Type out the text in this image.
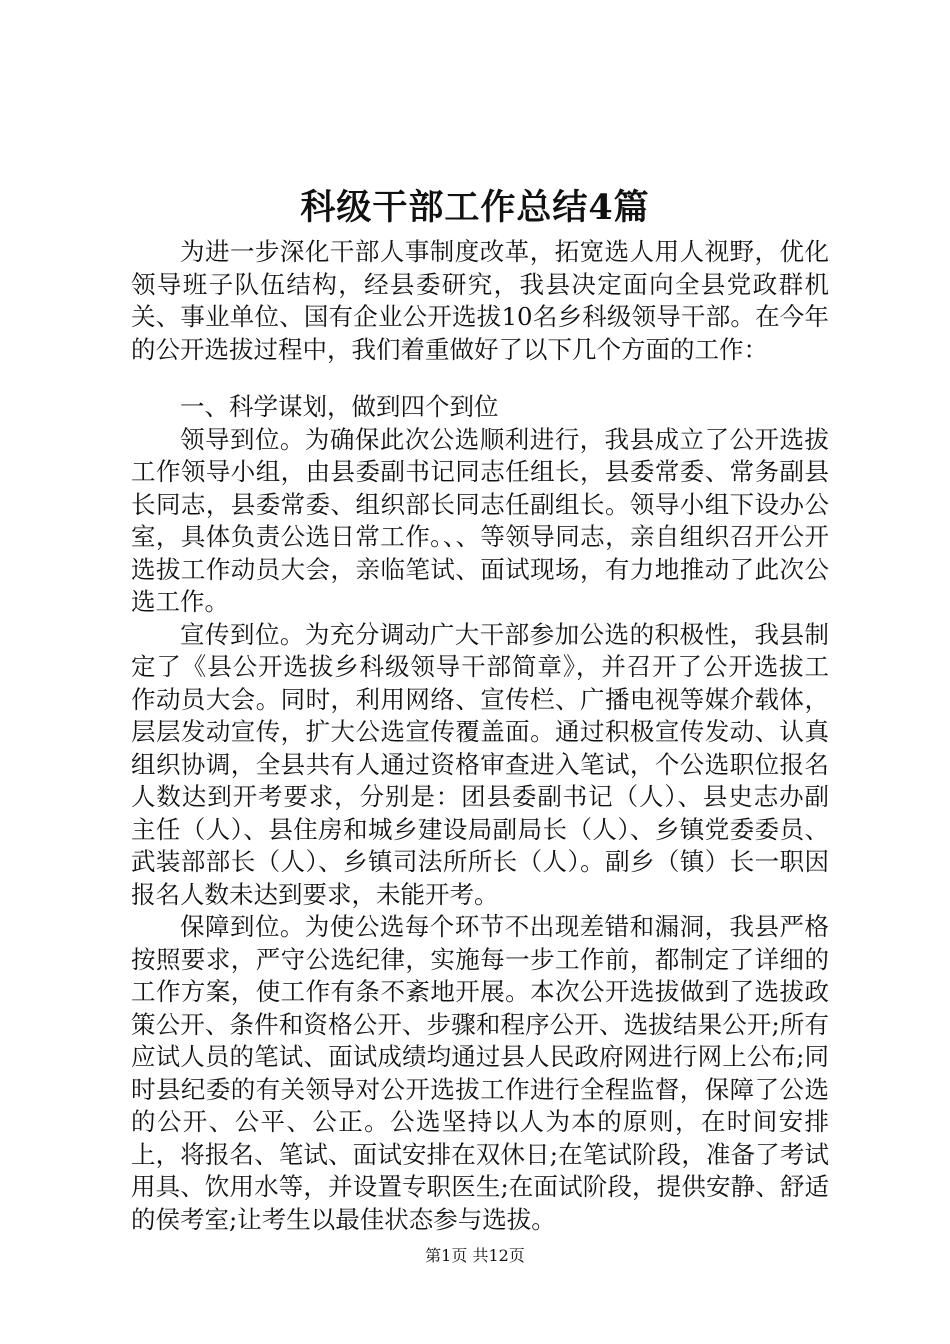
科级干部工作总结4篇

为进一步深化干部人事制度改革，拓宽选人用人视野，优化领导班子队伍结构，经县委研究，我县决定面向全县党政群机关、事业单位、国有企业公开选拔10名乡科级领导干部。在今年的公开选拔过程中，我们着重做好了以下几个方面的工作：

一、科学谋划，做到四个到位

领导到位。为确保此次公选顺利进行，我县成立了公开选拔工作领导小组，由县委副书记同志任组长，县委常委、常务副县长同志，县委常委、组织部长同志任副组长。领导小组下设办公室，具体负责公选日常工作。、、等领导同志，亲自组织召开公开选拔工作动员大会，亲临笔试、面试现场，有力地推动了此次公选工作。

宣传到位。为充分调动广大干部参加公选的积极性，我县制定了《县公开选拔乡科级领导干部简章》，并召开了公开选拔工作动员大会。同时，利用网络、宣传栏、广播电视等媒介载体，层层发动宣传，扩大公选宣传覆盖面。通过积极宣传发动、认真组织协调，全县共有人通过资格审查进入笔试，个公选职位报名人数达到开考要求，分别是：团县委副书记（人）、县史志办副主任（人）、县住房和城乡建设局副局长（人）、乡镇党委委员、武装部部长（人）、乡镇司法所所长（人）。副乡（镇）长一职因报名人数未达到要求，未能开考。

保障到位。为使公选每个环节不出现差错和漏洞，我县严格按照要求，严守公选纪律，实施每一步工作前，都制定了详细的工作方案，使工作有条不紊地开展。本次公开选拔做到了选拔政策公开、条件和资格公开、步骤和程序公开、选拔结果公开;所有应试人员的笔试、面试成绩均通过县人民政府网进行网上公布;同时县纪委的有关领导对公开选拔工作进行全程监督，保障了公选的公开、公平、公正。公选坚持以人为本的原则，在时间安排上，将报名、笔试、面试安排在双休日;在笔试阶段，准备了考试用具、饮用水等，并设置专职医生;在面试阶段，提供安静、舒适的侯考室;让考生以最佳状态参与选拔。

第1页 共12页
